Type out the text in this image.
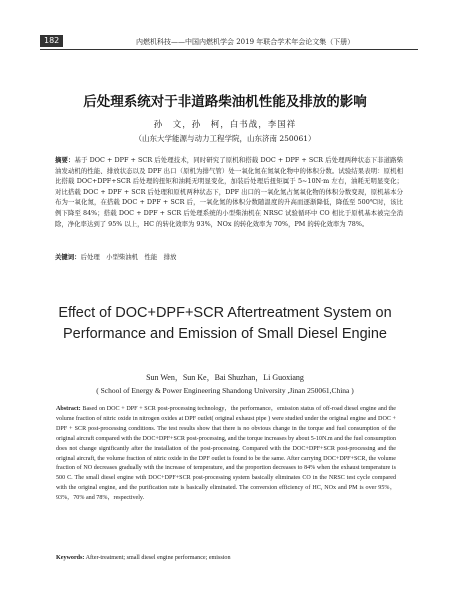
182	内燃机科技——中国内燃机学会 2019 年联合学术年会论文集（下册）
后处理系统对于非道路柴油机性能及排放的影响
孙　文，孙　柯，白书战，李国祥
（山东大学能源与动力工程学院，山东济南 250061）
摘要：基于 DOC + DPF + SCR 后处理技术，同时研究了原机和搭载 DOC + DPF + SCR 后处理两种状态下非道路柴油发动机的性能、排放状态以及 DPF 出口（原机为排气管）处一氧化氮在氮氧化物中的体积分数。试验结果表明：原机相比搭载 DOC+DPF+SCR 后处理的扭矩和油耗无明显变化，加装后处理后扭矩属于 5~10N·m 左右，油耗无明显变化；对比搭载 DOC + DPF + SCR 后处理和原机两种状态下，DPF 出口的一氧化氮占氮氧化物的体积分数变现，原机基本分布为一氧化氮，在搭载 DOC + DPF + SCR 后，一氧化氮的体积分数随温度的升高而逐渐降低，降低至 500℃时，该比例下降至 84%；搭载 DOC + DPF + SCR 后处理系统的小型柴油机在 NRSC 试验循环中 CO 相比于原机基本被完全消除，净化率达到了 95% 以上，HC 的转化效率为 93%，NOx 的转化效率为 70%，PM 的转化效率为 78%。
关键词：后处理　小型柴油机　性能　排放
Effect of DOC+DPF+SCR Aftertreatment System on
Performance and Emission of Small Diesel Engine
Sun Wen，Sun Ke，Bai Shuzhan，Li Guoxiang
( School of Energy & Power Engineering Shandong University ,Jinan 250061,China )
Abstract: Based on DOC + DPF + SCR post-processing technology，the performance，emission status of off-road diesel engine and the volume fraction of nitric oxide in nitrogen oxides at DPF outlet( original exhaust pipe ) were studied under the original engine and DOC + DPF + SCR post-processing conditions. The test results show that there is no obvious change in the torque and fuel consumption of the original aircraft compared with the DOC+DPF+SCR post-processing, and the torque increases by about 5-10N.m and the fuel consumption does not change significantly after the installation of the post-processing. Compared with the DOC+DPF+SCR post-processing and the original aircraft, the volume fraction of nitric oxide in the DPF outlet is found to be the same. After carrying DOC+DPF+SCR, the volume fraction of NO decreases gradually with the increase of temperature, and the proportion decreases to 84% when the exhaust temperature is 500 C. The small diesel engine with DOC+DPF+SCR post-processing system basically eliminates CO in the NRSC test cycle compared with the original engine, and the purification rate is basically eliminated. The conversion efficiency of HC, NOx and PM is over 95%，93%，70% and 78%，respectively.
Keywords: After-treatment; small diesel engine performance; emission
